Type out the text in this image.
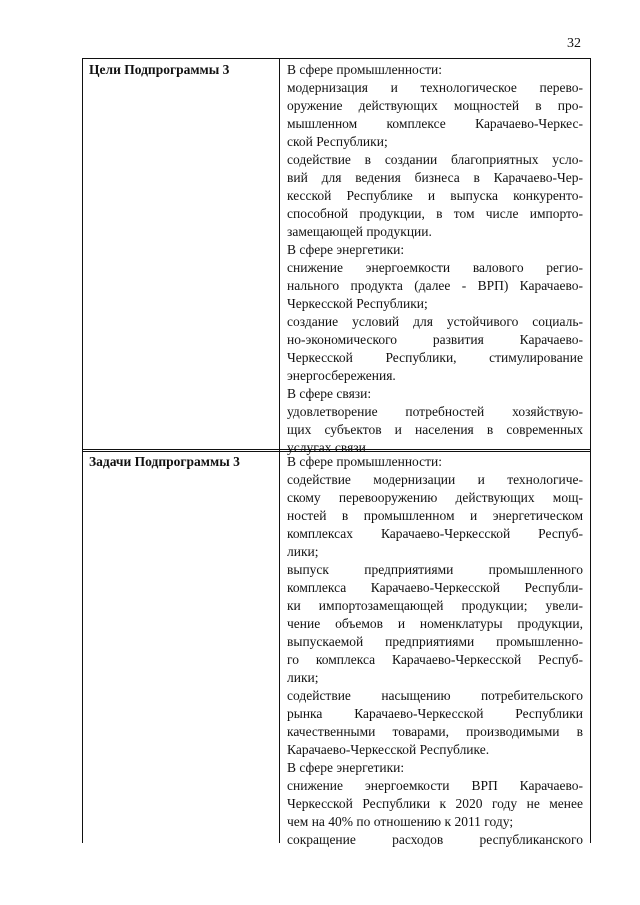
32
Цели Подпрограммы 3	В сфере промышленности:
модернизация и технологическое перево-
оружение действующих мощностей в про-
мышленном комплексе Карачаево-Черкес-
ской Республики;
содействие в создании благоприятных усло-
вий для ведения бизнеса в Карачаево-Чер-
кесской Республике и выпуска конкуренто-
способной продукции, в том числе импорто-
замещающей продукции.
В сфере энергетики:
снижение энергоемкости валового регио-
нального продукта (далее - ВРП) Карачаево-
Черкесской Республики;
создание условий для устойчивого социаль-
но-экономического развития Карачаево-
Черкесской Республики, стимулирование
энергосбережения.
В сфере связи:
удовлетворение потребностей хозяйствую-
щих субъектов и населения в современных
услугах связи
Задачи Подпрограммы 3	В сфере промышленности:
содействие модернизации и технологиче-
скому перевооружению действующих мощ-
ностей в промышленном и энергетическом
комплексах Карачаево-Черкесской Респуб-
лики;
выпуск предприятиями промышленного
комплекса Карачаево-Черкесской Республи-
ки импортозамещающей продукции; увели-
чение объемов и номенклатуры продукции,
выпускаемой предприятиями промышленно-
го комплекса Карачаево-Черкесской Респуб-
лики;
содействие насыщению потребительского
рынка Карачаево-Черкесской Республики
качественными товарами, производимыми в
Карачаево-Черкесской Республике.
В сфере энергетики:
снижение энергоемкости ВРП Карачаево-
Черкесской Республики к 2020 году не менее
чем на 40% по отношению к 2011 году;
сокращение расходов республиканского
